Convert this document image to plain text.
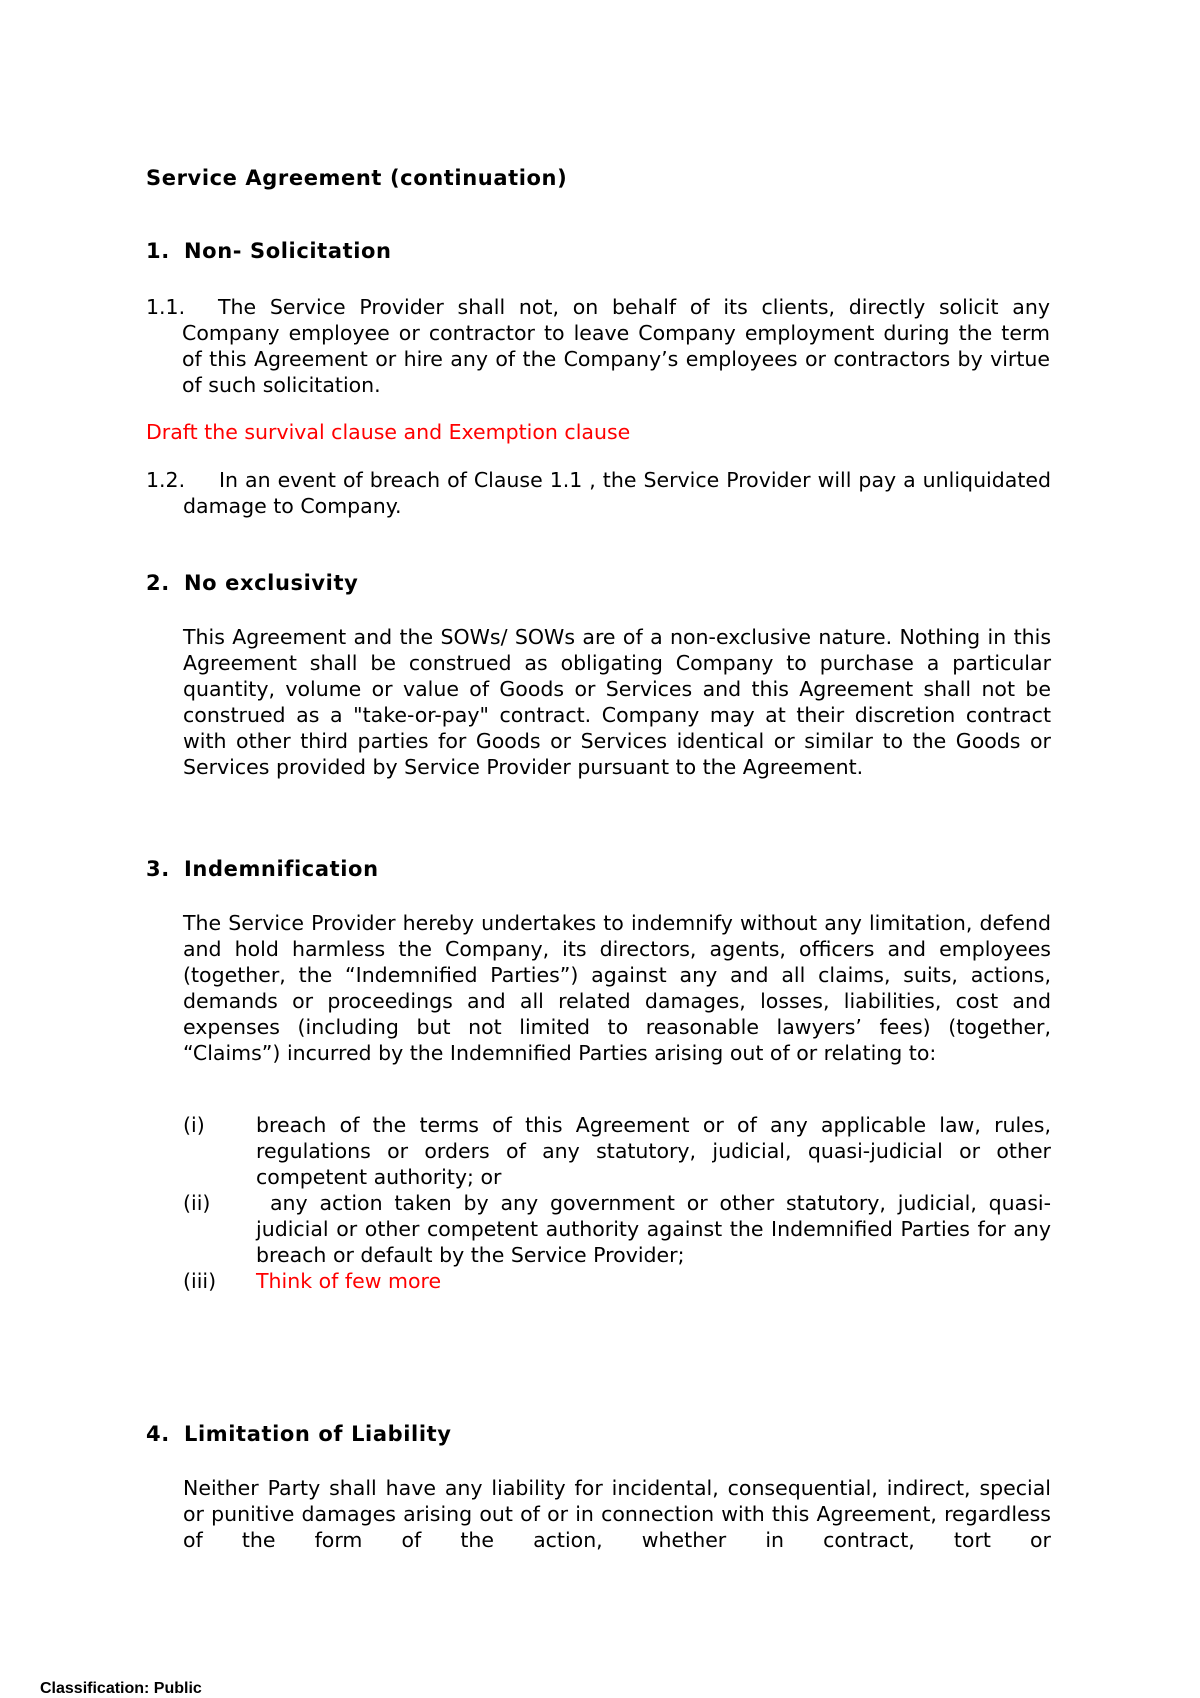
Service Agreement (continuation)
1. Non- Solicitation
1.1.	The Service Provider shall not, on behalf of its clients, directly solicit any Company employee or contractor to leave Company employment during the term of this Agreement or hire any of the Company’s employees or contractors by virtue of such solicitation.
Draft the survival clause and Exemption clause
1.2.	In an event of breach of Clause 1.1 , the Service Provider will pay a unliquidated damage to Company.
2. No exclusivity
This Agreement and the SOWs/ SOWs are of a non-exclusive nature. Nothing in this Agreement shall be construed as obligating Company to purchase a particular quantity, volume or value of Goods or Services and this Agreement shall not be construed as a "take-or-pay" contract. Company may at their discretion contract with other third parties for Goods or Services identical or similar to the Goods or Services provided by Service Provider pursuant to the Agreement.
3. Indemnification
The Service Provider hereby undertakes to indemnify without any limitation, defend and hold harmless the Company, its directors, agents, officers and employees (together, the “Indemnified Parties”) against any and all claims, suits, actions, demands or proceedings and all related damages, losses, liabilities, cost and expenses (including but not limited to reasonable lawyers’ fees) (together, “Claims”) incurred by the Indemnified Parties arising out of or relating to:
(i)	breach of the terms of this Agreement or of any applicable law, rules, regulations or orders of any statutory, judicial, quasi-judicial or other competent authority; or
(ii)	any action taken by any government or other statutory, judicial, quasi-judicial or other competent authority against the Indemnified Parties for any breach or default by the Service Provider;
(iii) Think of few more
4. Limitation of Liability
Neither Party shall have any liability for incidental, consequential, indirect, special or punitive damages arising out of or in connection with this Agreement, regardless of the form of the action, whether in contract, tort or
Classification: Public
